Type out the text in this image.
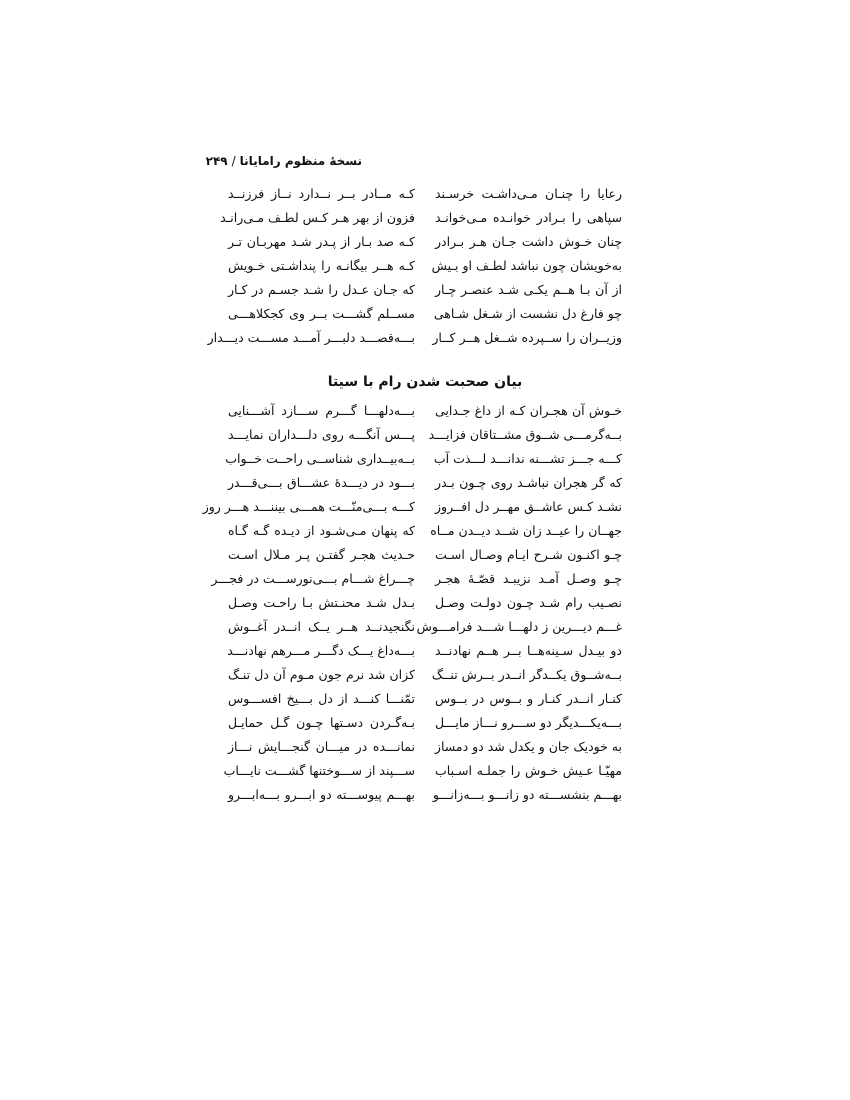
نسخهٔ منظوم رامایانا/۲۴۹
رعایا را چنـان مـی‌داشـت خرسـند
سپاهی را بـرادر خوانـده مـی‌خوانـد
چنان خـوش داشت جـان هـر بـرادر
به‌خویشان چون نباشد لطـف او بـیش
از آن بـا هــم یکـی شـد عنصـر چـار
چو فارغ دل نشست از شـغل شـاهی
وزیــران را ســپرده شــغل هــر کــار
کـه مــادر بــر نــدارد نــاز فرزنــد
فزون از بهر هـر کـس لطـف مـی‌رانـد
کـه صد بـار از پـدر شـد مهربـان تـر
کـه هــر بیگانـه را پنداشـتی خـویش
که جـان عـدل را شـد جسـم در کـار
مســلم گشـــت بــر وی کجکلاهـــی
بـــه‌قصـــد دلبـــر آمـــد مســـت دیـــدار
بیان صحبت شدن رام با سیتا
خـوش آن هجـران کـه از داغ جـدایی
بــه‌گرمـــی شــوق مشــتاقان فزایـــد
کـــه جـــز تشـــنه ندانـــد لـــذت آب
که گر هجران نباشـد روی چـون بـدر
نشـد کـس عاشــق مهــر دل افــروز
جهــان را عیــد زان شــد دیــدن مــاه
چـو اکنـون شـرح ایـام وصـال اسـت
چـو وصـل آمـد نزیبـد قصّـهٔ هجـر
نصـیب رام شـد چـون دولـت وصـل
غـــم دیـــرین ز دلهـــا شـــد فرامـــوش
دو بیـدل سـینه‌هــا بــر هــم نهادنــد
بــه‌شــوق یکــدگر انــدر بــرش تنــگ
کنـار انــدر کنـار و بــوس در بــوس
بـــه‌یکـــدیگر دو ســـرو نـــاز مایـــل
به خودیک جان و یکدل شد دو دمساز
مهیّـا عـیش خـوش را جملـه اسـباب
بهـــم بنشســـته دو زانـــو بـــه‌زانـــو
بـــه‌دلهـــا گـــرم ســـازد آشـــنایی
پـــس آنگـــه روی دلـــداران نمایـــد
بــه‌بیــداری شناســی راحــت خــواب
بـــود در دیـــدهٔ عشـــاق بـــی‌قـــدر
کـــه بـــی‌منّـــت همـــی بیننـــد هـــر روز
که پنهان مـی‌شـود از دیـده گـه گـاه
حـدیث هجـر گفتـن پـر مـلال اسـت
چـــراغ شـــام بـــی‌نورســـت در فجـــر
بـدل شـد محنـتش بـا راحـت وصـل
نگنجیدنــد هــر یــک انــدر آغــوش
بـــه‌داغ یـــک دگـــر مـــرهم نهادنـــد
کزان شد نرم جون مـوم آن دل تنـگ
تمّنـــا کنـــد از دل بـــیخ افســـوس
بـه‌گـردن دسـتها چـون گـل حمایـل
نمانـــده در میـــان گنجـــایش نـــاز
ســـپند از ســـوختنها گشـــت نایـــاب
بهـــم پیوســـته دو ابـــرو بـــه‌ابـــرو
